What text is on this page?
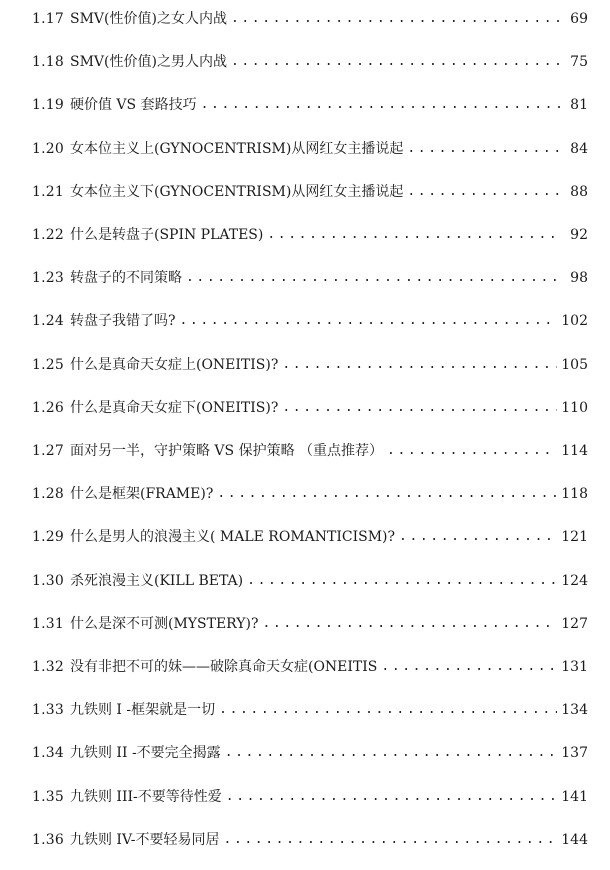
1.17 SMV(性价值)之女人内战 .....	69
1.18 SMV(性价值)之男人内战 .....	75
1.19 硬价值 VS 套路技巧 .....	81
1.20 女本位主义上(GYNOCENTRISM)从网红女主播说起 .....	84
1.21 女本位主义下(GYNOCENTRISM)从网红女主播说起 .....	88
1.22 什么是转盘子(SPIN PLATES) .....	92
1.23 转盘子的不同策略 .....	98
1.24 转盘子我错了吗? .....	102
1.25 什么是真命天女症上(ONEITIS)? .....	105
1.26 什么是真命天女症下(ONEITIS)? .....	110
1.27 面对另一半，守护策略 VS 保护策略 （重点推荐） .....	114
1.28 什么是框架(FRAME)? .....	118
1.29 什么是男人的浪漫主义( MALE ROMANTICISM)? .....	121
1.30 杀死浪漫主义(KILL BETA) .....	124
1.31 什么是深不可测(MYSTERY)? .....	127
1.32 没有非把不可的妹——破除真命天女症(ONEITIS .....	131
1.33 九铁则 I -框架就是一切 .....	134
1.34 九铁则 II -不要完全揭露 .....	137
1.35 九铁则 III-不要等待性爱 .....	141
1.36 九铁则 IV-不要轻易同居 .....	144
